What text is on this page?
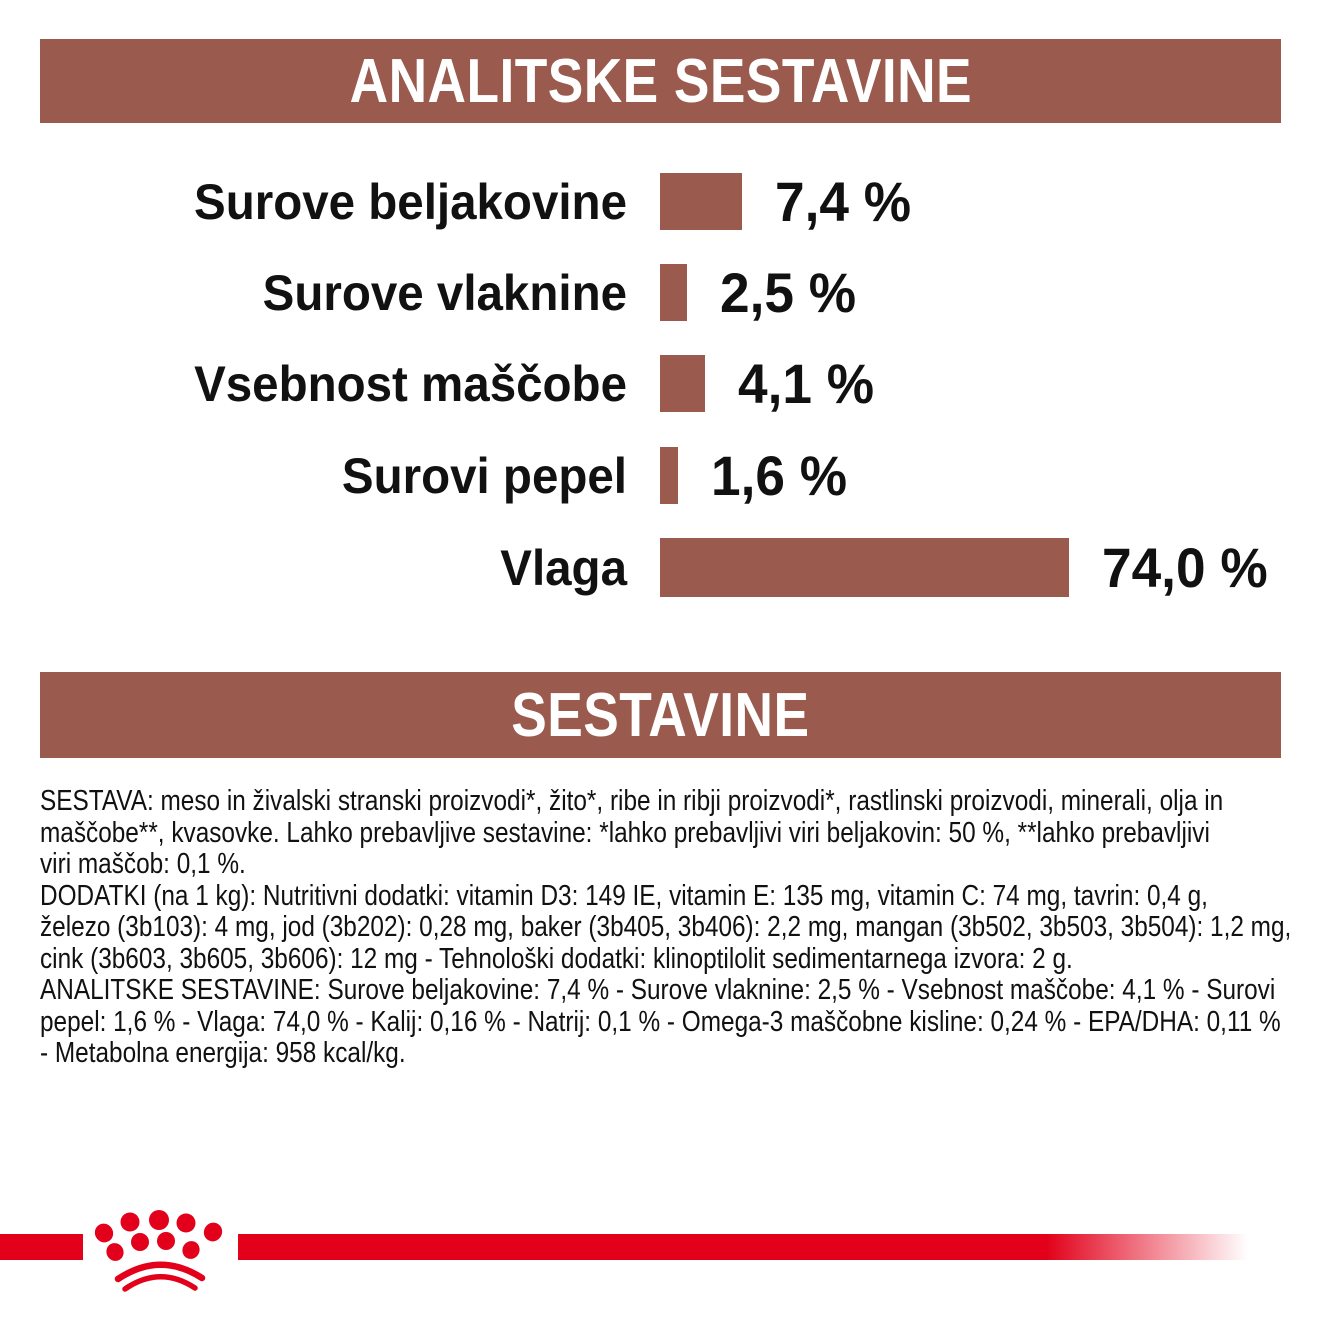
ANALITSKE SESTAVINE
Surove beljakovine	7,4 %
Surove vlaknine 2,5 %
Vsebnost maščobe 4,1 %
Surovi pepel 1,6 %
Vlaga	74,0 %
SESTAVINE
SESTAVA: meso in živalski stranski proizvodi*, žito*, ribe in ribji proizvodi*, rastlinski proizvodi, minerali, olja in
maščobe**, kvasovke. Lahko prebavljive sestavine: *lahko prebavljivi viri beljakovin: 50 %, **lahko prebavljivi
viri maščob: 0,1 %.
DODATKI (na 1 kg): Nutritivni dodatki: vitamin D3: 149 IE, vitamin E: 135 mg, vitamin C: 74 mg, tavrin: 0,4 g,
železo (3b103): 4 mg, jod (3b202): 0,28 mg, baker (3b405, 3b406): 2,2 mg, mangan (3b502, 3b503, 3b504): 1,2 mg,
cink (3b603, 3b605, 3b606): 12 mg - Tehnološki dodatki: klinoptilolit sedimentarnega izvora: 2 g.
ANALITSKE SESTAVINE: Surove beljakovine: 7,4 % - Surove vlaknine: 2,5 % - Vsebnost maščobe: 4,1 % - Surovi
pepel: 1,6 % - Vlaga: 74,0 % - Kalij: 0,16 % - Natrij: 0,1 % - Omega-3 maščobne kisline: 0,24 % - EPA/DHA: 0,11 %
- Metabolna energija: 958 kcal/kg.
